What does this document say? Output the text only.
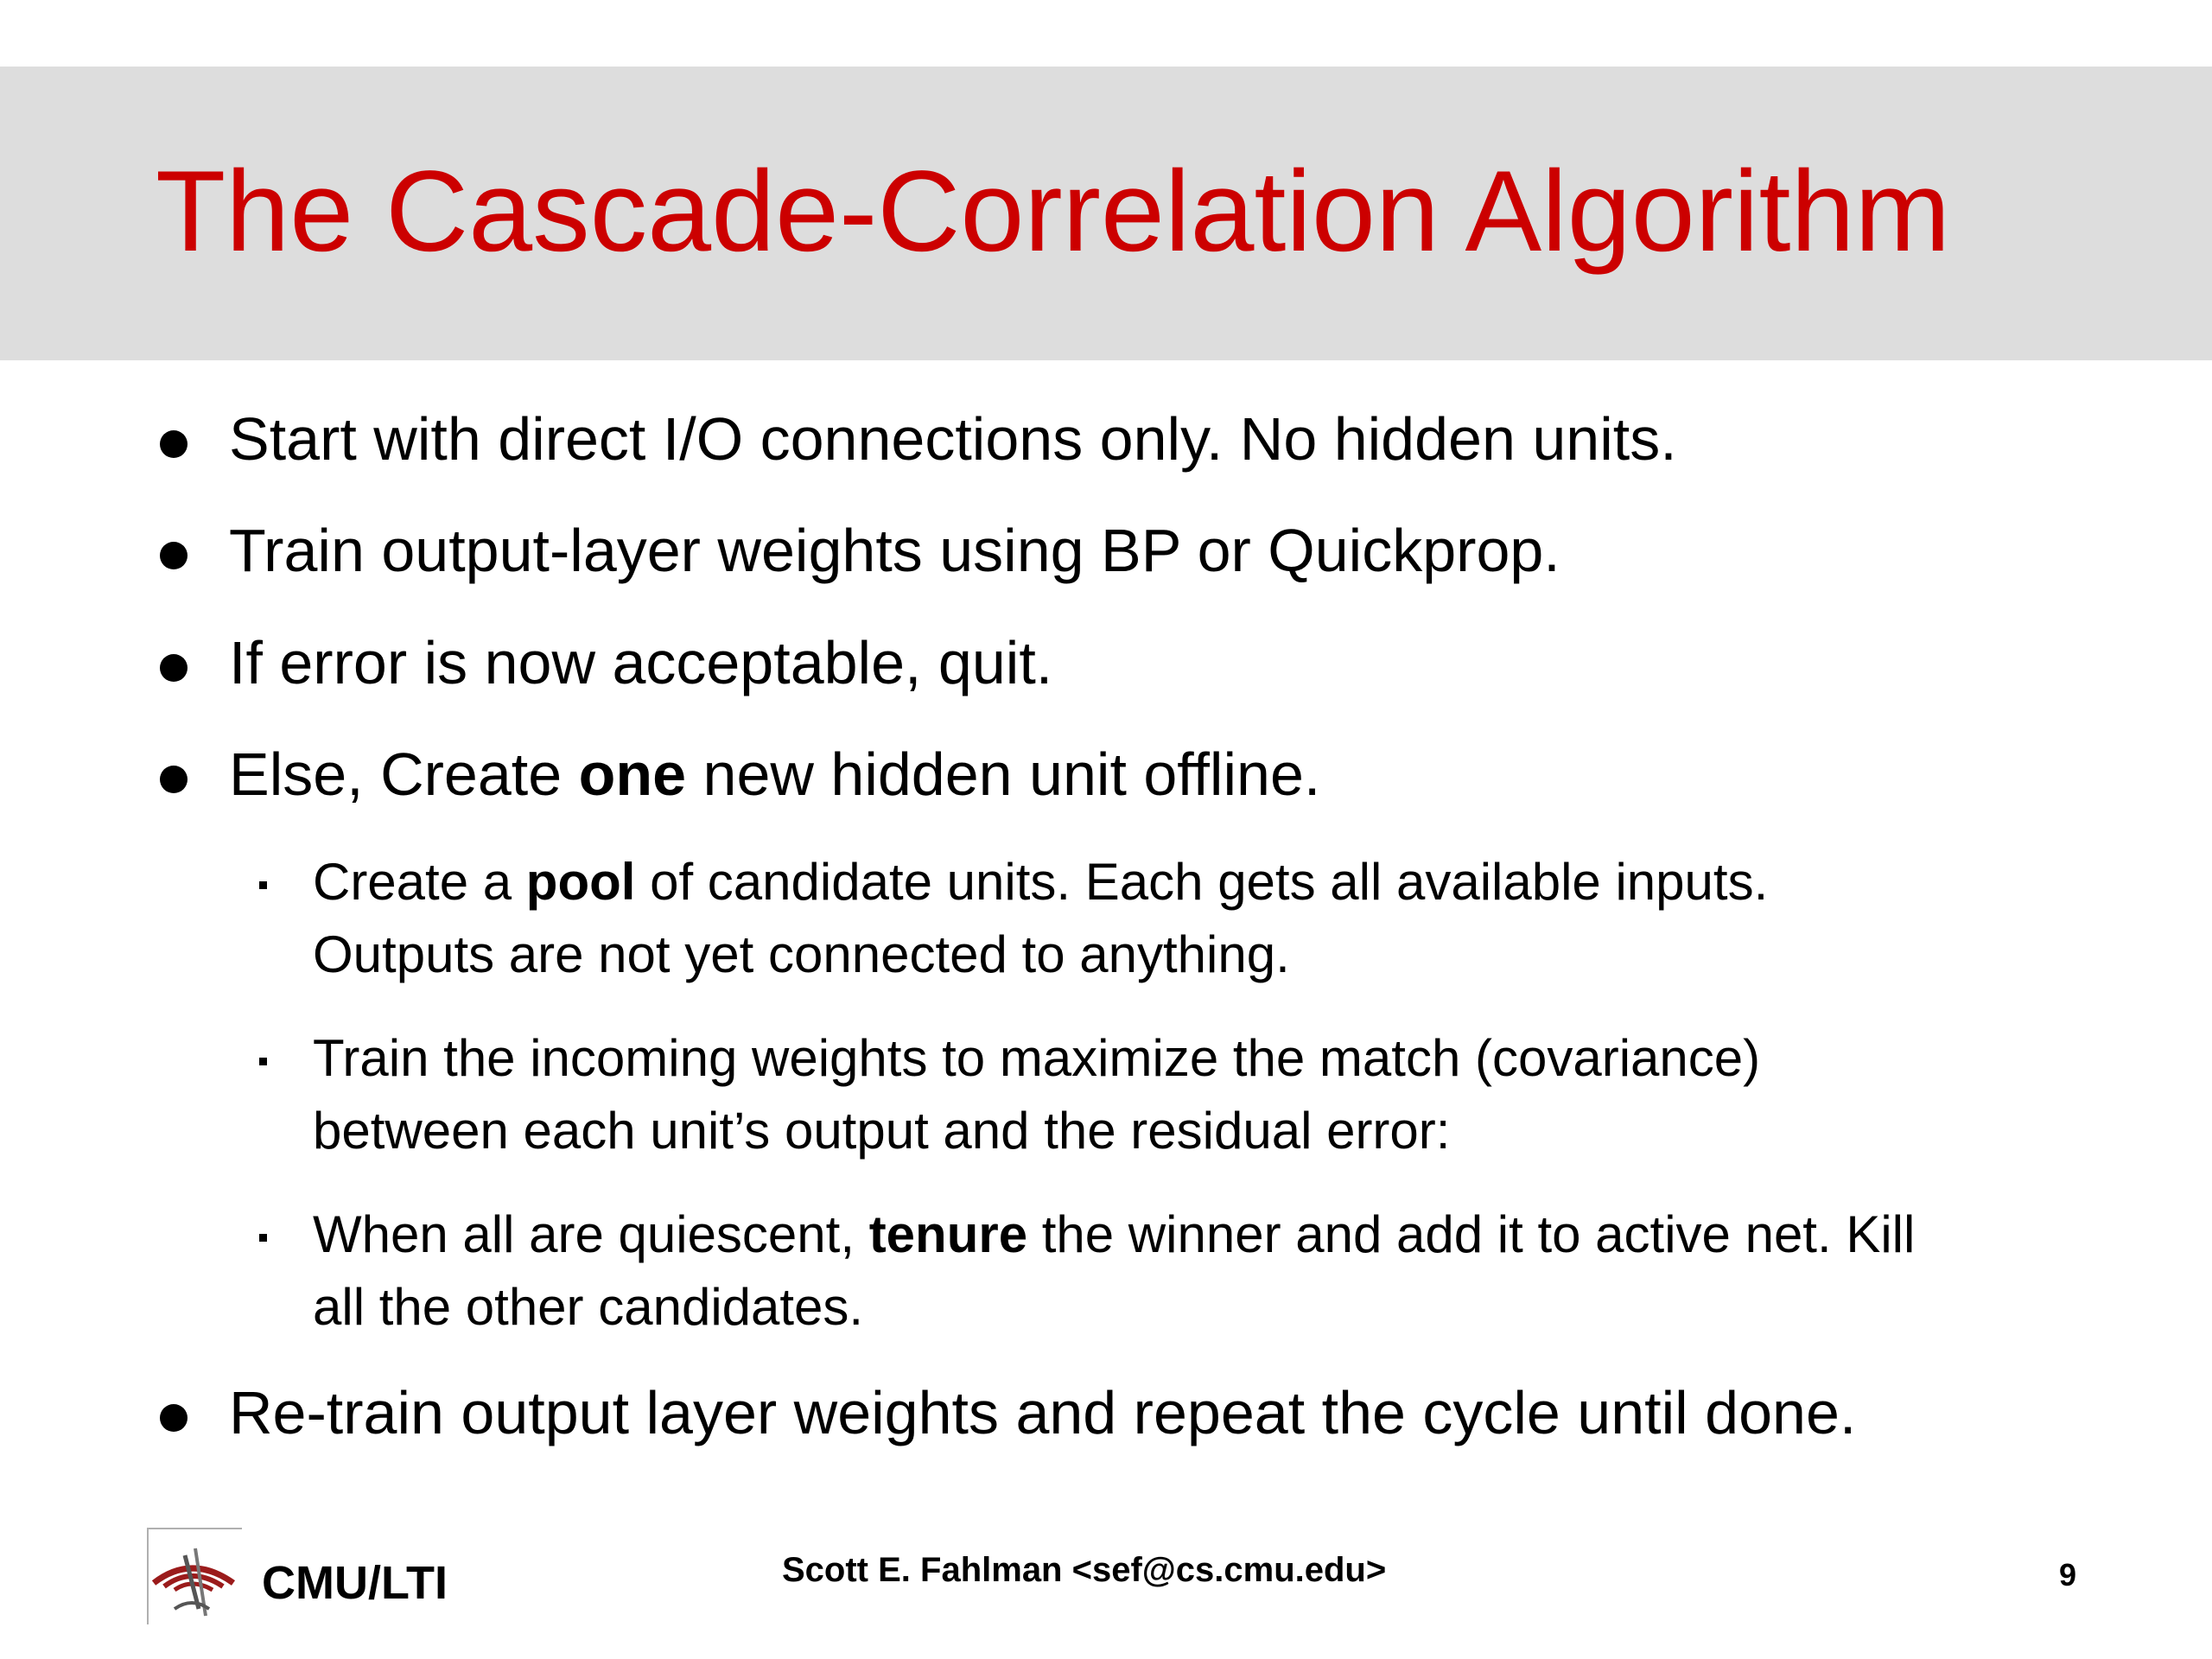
The Cascade-Correlation Algorithm
Start with direct I/O connections only. No hidden units.
Train output-layer weights using BP or Quickprop.
If error is now acceptable, quit.
Else, Create one new hidden unit offline.
Create a pool of candidate units. Each gets all available inputs.
Outputs are not yet connected to anything.
Train the incoming weights to maximize the match (covariance)
between each unit’s output and the residual error:
When all are quiescent, tenure the winner and add it to active net. Kill
all the other candidates.
Re-train output layer weights and repeat the cycle until done.
CMU/LTI	Scott E. Fahlman <sef@cs.cmu.edu>	9
